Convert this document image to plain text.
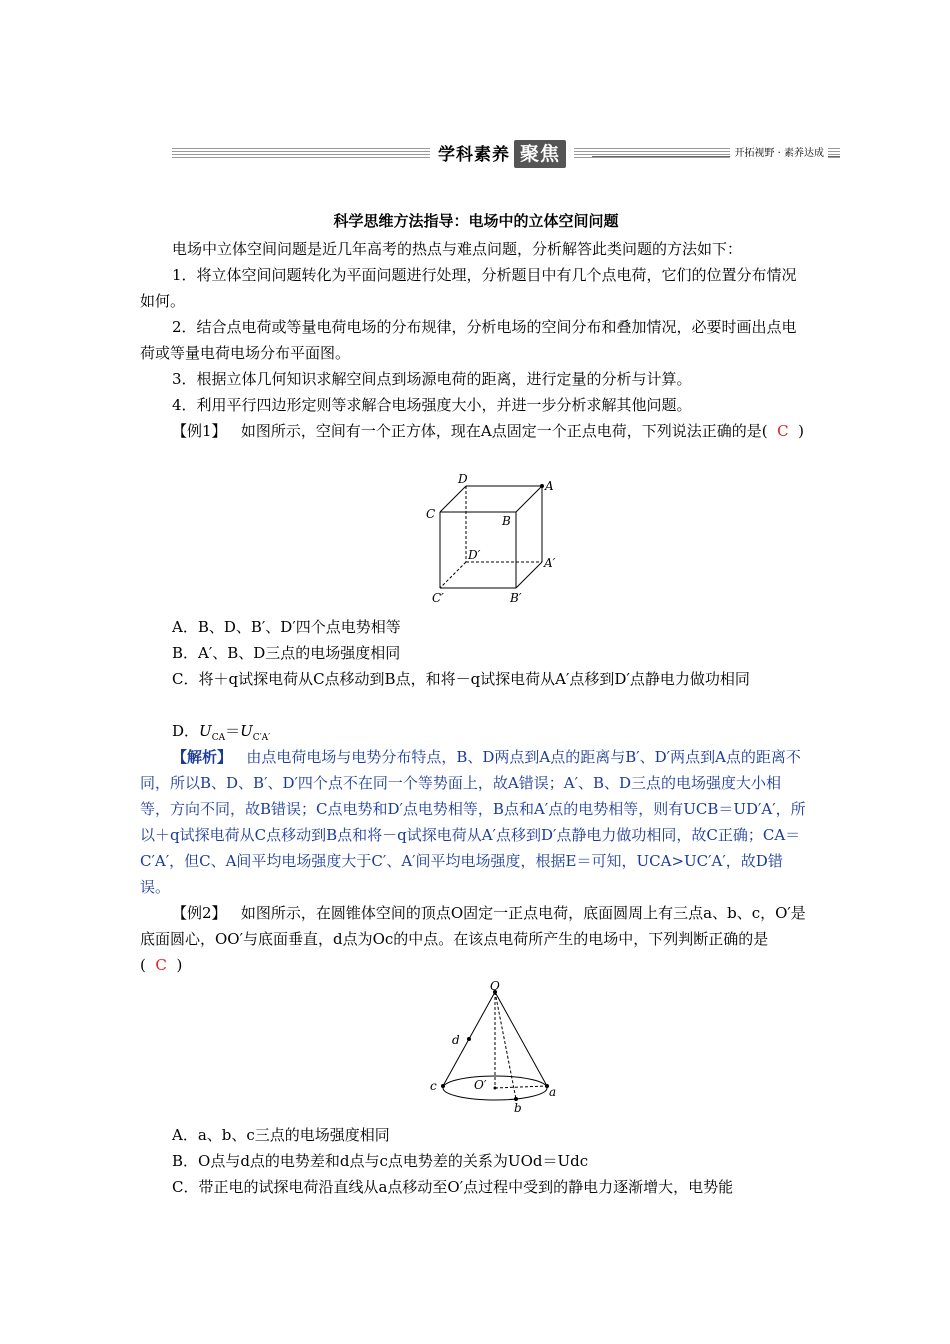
学科素养 聚焦	开拓视野 · 素养达成
科学思维方法指导：电场中的立体空间问题
电场中立体空间问题是近几年高考的热点与难点问题，分析解答此类问题的方法如下：
1．将立体空间问题转化为平面问题进行处理，分析题目中有几个点电荷，它们的位置分布情况如何。
2．结合点电荷或等量电荷电场的分布规律，分析电场的空间分布和叠加情况，必要时画出点电荷或等量电荷电场分布平面图。
3．根据立体几何知识求解空间点到场源电荷的距离，进行定量的分析与计算。
4．利用平行四边形定则等求解合电场强度大小，并进一步分析求解其他问题。
【例1】 如图所示，空间有一个正方体，现在A点固定一个正点电荷，下列说法正确的是( C )
D	A
C	B
D′
A′
C′	B′
A．B、D、B′、D′四个点电势相等
B．A′、B、D三点的电场强度相同
C．将＋q试探电荷从C点移动到B点，和将－q试探电荷从A′点移到D′点静电力做功相同
D．$U_{CA}=U_{C'A'}$
【解析】 由点电荷电场与电势分布特点，B、D两点到A点的距离与B′、D′两点到A点的距离不同，所以B、D、B′、D′四个点不在同一个等势面上，故A错误；A′、B、D三点的电场强度大小相等，方向不同，故B错误；C点电势和D′点电势相等，B点和A′点的电势相等，则有UCB＝UD′A′，所以＋q试探电荷从C点移动到B点和将－q试探电荷从A′点移到D′点静电力做功相同，故C正确；CA＝C′A′，但C、A间平均电场强度大于C′、A′间平均电场强度，根据E＝可知，UCA>UC′A′，故D错误。
【例2】 如图所示，在圆锥体空间的顶点O固定一正点电荷，底面圆周上有三点a、b、c，O′是底面圆心，OO′与底面垂直，d点为Oc的中点。在该点电荷所产生的电场中，下列判断正确的是( C )
O
d
c	O′	a
b
A．a、b、c三点的电场强度相同
B．O点与d点的电势差和d点与c点电势差的关系为UOd＝Udc
C．带正电的试探电荷沿直线从a点移动至O′点过程中受到的静电力逐渐增大，电势能
